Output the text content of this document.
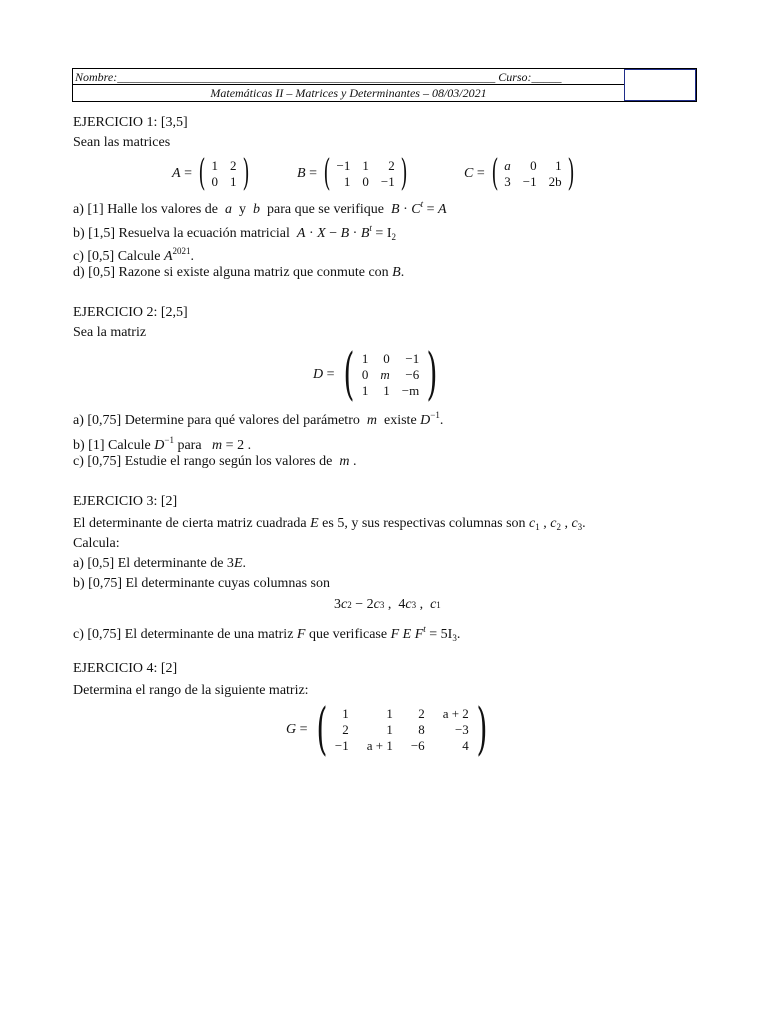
Nombre:_______________________________________________________________ Curso:_____
Matemáticas II – Matrices y Determinantes – 08/03/2021
EJERCICIO 1: [3,5]
Sean las matrices
A = ( 1 2
0 1 )	B = ( −1 1	2
1 0 −1 )	C = ( a	0	1
3 −1 2b )
a) [1] Halle los valores de a y b para que se verifique $B \cdot C^t = A$
b) [1,5] Resuelva la ecuación matricial $A \cdot X - B \cdot B^t = I_2$
c) [0,5] Calcule $A^{2021}$.
d) [0,5] Razone si existe alguna matriz que conmute con B.
EJERCICIO 2: [2,5]
Sea la matriz
D = ( 1 0 −1
0 m −6
1 1 −m )
a) [0,75] Determine para qué valores del parámetro m existe $D^{-1}$.
b) [1] Calcule $D^{-1}$ para m = 2 .
c) [0,75] Estudie el rango según los valores de m .
EJERCICIO 3: [2]
El determinante de cierta matriz cuadrada E es 5, y sus respectivas columnas son $c_1$ , $c_2$ , $c_3$.
Calcula:
a) [0,5] El determinante de 3E.
b) [0,75] El determinante cuyas columnas son
3 c 2 − 2 c 3 ,  4 c 3 , c 1
c) [0,75] El determinante de una matriz F que verificase F E $F^t = 5I_3$.
EJERCICIO 4: [2]
Determina el rango de la siguiente matriz:
G = (	1	1	2 a + 2
2	1	8	−3
−1 a + 1 −6	4 )
